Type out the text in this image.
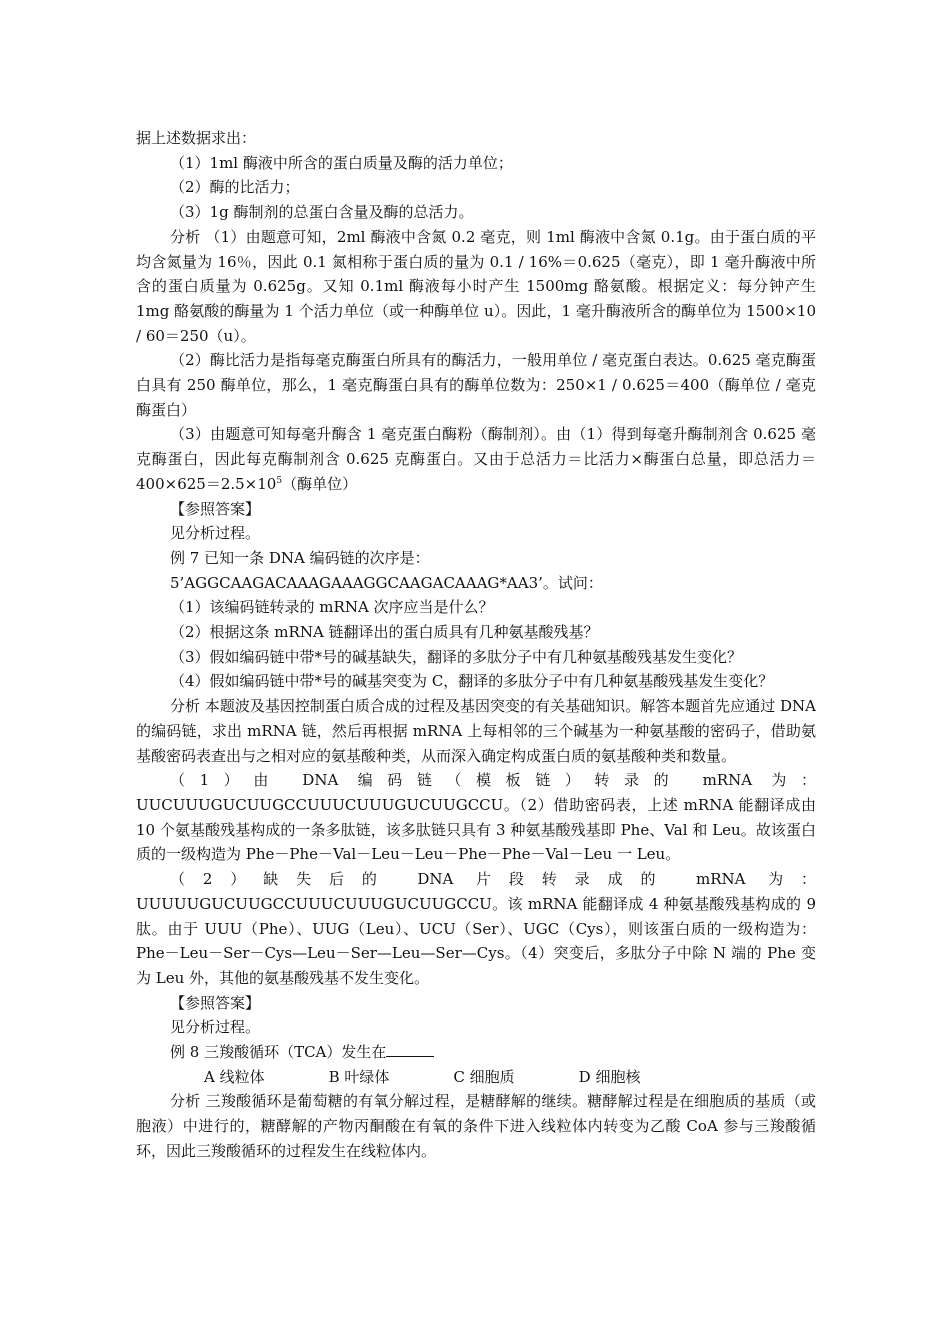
据上述数据求出：

（1）1ml 酶液中所含的蛋白质量及酶的活力单位；

（2）酶的比活力；

（3）1g 酶制剂的总蛋白含量及酶的总活力。

分析 （1）由题意可知，2ml 酶液中含氮 0.2 毫克，则 1ml 酶液中含氮 0.1g。由于蛋白质的平均含氮量为 16％，因此 0.1 氮相称于蛋白质的量为 0.1 / 16%＝0.625（毫克），即 1 毫升酶液中所含的蛋白质量为 0.625g。又知 0.1ml 酶液每小时产生 1500mg 酪氨酸。根据定义：每分钟产生 1mg 酪氨酸的酶量为 1 个活力单位（或一种酶单位 u）。因此，1 毫升酶液所含的酶单位为 1500×10 / 60＝250（u）。

（2）酶比活力是指每毫克酶蛋白所具有的酶活力，一般用单位 / 毫克蛋白表达。0.625 毫克酶蛋白具有 250 酶单位，那么，1 毫克酶蛋白具有的酶单位数为：250×1 / 0.625＝400（酶单位 / 毫克酶蛋白）

（3）由题意可知每毫升酶含 1 毫克蛋白酶粉（酶制剂）。由（1）得到每毫升酶制剂含 0.625 毫克酶蛋白，因此每克酶制剂含 0.625 克酶蛋白。又由于总活力＝比活力×酶蛋白总量，即总活力$=400\times 625=2.5\times 10^5$（酶单位）

【参照答案】

见分析过程。

例 7 已知一条 DNA 编码链的次序是：

5’AGGCAAGACAAAGAAAGGCAAGACAAAG*AA3’。试问：

（1）该编码链转录的 mRNA 次序应当是什么？

（2）根据这条 mRNA 链翻译出的蛋白质具有几种氨基酸残基？

（3）假如编码链中带*号的碱基缺失，翻译的多肽分子中有几种氨基酸残基发生变化？

（4）假如编码链中带*号的碱基突变为 C，翻译的多肽分子中有几种氨基酸残基发生变化？

分析 本题波及基因控制蛋白质合成的过程及基因突变的有关基础知识。解答本题首先应通过 DNA 的编码链，求出 mRNA 链，然后再根据 mRNA 上每相邻的三个碱基为一种氨基酸的密码子，借助氨基酸密码表查出与之相对应的氨基酸种类，从而深入确定构成蛋白质的氨基酸种类和数量。

（1）由 DNA 编码链（模板链）转录的 mRNA 为：

UUCUUUGUCUUGCCUUUCUUUGUCUUGCCU。（2）借助密码表，上述 mRNA 能翻译成由 10 个氨基酸残基构成的一条多肽链，该多肽链只具有 3 种氨基酸残基即 Phe、Val 和 Leu。故该蛋白质的一级构造为 Phe－Phe－Val－Leu－Leu－Phe－Phe－Val－Leu 一 Leu。

（2）缺失后的 DNA 片段转录成的 mRNA 为：

UUUUUGUCUUGCCUUUCUUUGUCUUGCCU。该 mRNA 能翻译成 4 种氨基酸残基构成的 9 肽。由于 UUU（Phe）、UUG（Leu）、UCU（Ser）、UGC（Cys），则该蛋白质的一级构造为：Phe－Leu－Ser－Cys—Leu－Ser—Leu—Ser—Cys。（4）突变后，多肽分子中除 N 端的 Phe 变为 Leu 外，其他的氨基酸残基不发生变化。

【参照答案】

见分析过程。

例 8 三羧酸循环（TCA）发生在

A 线粒体	B 叶绿体	C 细胞质	D 细胞核

分析 三羧酸循环是葡萄糖的有氧分解过程，是糖酵解的继续。糖酵解过程是在细胞质的基质（或胞液）中进行的，糖酵解的产物丙酮酸在有氧的条件下进入线粒体内转变为乙酸 CoA 参与三羧酸循环，因此三羧酸循环的过程发生在线粒体内。
